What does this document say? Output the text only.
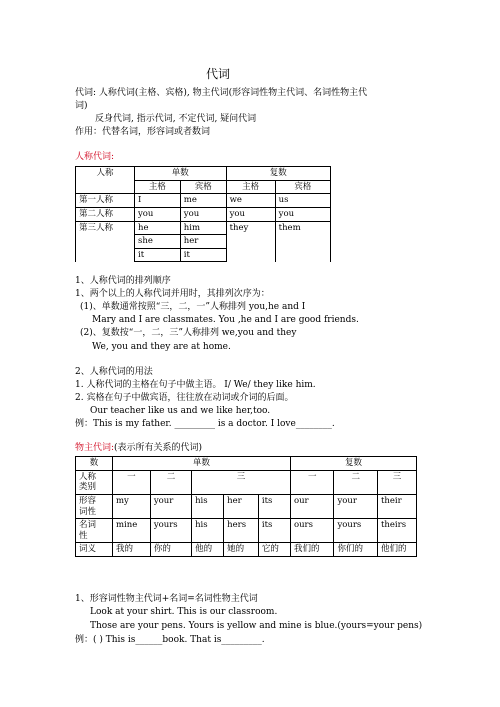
代词
代词: 人称代词(主格、宾格), 物主代词(形容词性物主代词、名词性物主代
词)
反身代词, 指示代词, 不定代词, 疑问代词
作用：代替名词，形容词或者数词
人称代词:
人称	单数		复数	
	主格	宾格	主格	宾格
第一人称	I	me	we	us
第二人称	you	you	you	you
第三人称	he	him	they	them
	she	her		
	it	it		
1、人称代词的排列顺序
1、两个以上的人称代词并用时，其排列次序为：
(1)、单数通常按照“三，二，一”人称排列 you,he and I
Mary and I are classmates. You ,he and I are good friends.
(2)、复数按“一，二，三”人称排列 we,you and they
We, you and they are at home.
2、人称代词的用法
1. 人称代词的主格在句子中做主语。 I/ We/ they like him.
2. 宾格在句子中做宾语，往往放在动词或介词的后面。
Our teacher like us and we like her,too.
例：This is my father. _________ is a doctor. I love________.
物主代词:(表示所有关系的代词)
数	单数					复数		
人称
类别	一	二	三			一	二	三
形容
词性	my	your	his	her	its	our	your	their
名词
性	mine	yours	his	hers	its	ours	yours	theirs
词义	我的	你的	他的	她的	它的	我们的	你们的	他们的
1、形容词性物主代词+名词=名词性物主代词
Look at your shirt. This is our classroom.
Those are your pens. Yours is yellow and mine is blue.(yours=your pens)
例：( ) This is______book. That is_________.
